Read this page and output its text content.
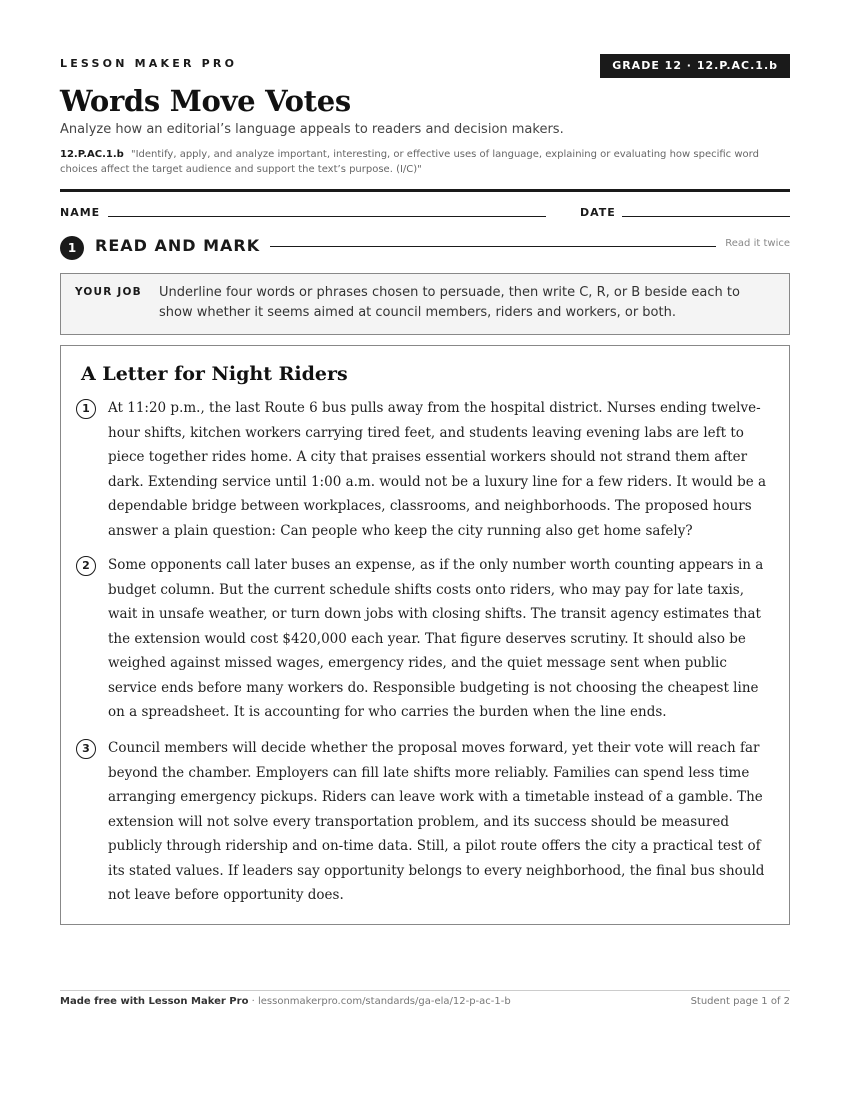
LESSON MAKER PRO	GRADE 12 · 12.P.AC.1.b
Words Move Votes
Analyze how an editorial’s language appeals to readers and decision makers.
12.P.AC.1.b "Identify, apply, and analyze important, interesting, or effective uses of language, explaining or evaluating how specific word choices affect the target audience and support the text’s purpose. (I/C)"
NAME	DATE
1	READ AND MARK	Read it twice
YOUR JOB Underline four words or phrases chosen to persuade, then write C, R, or B beside each to show whether it seems aimed at council members, riders and workers, or both.
A Letter for Night Riders
1	At 11:20 p.m., the last Route 6 bus pulls away from the hospital district. Nurses ending twelve-hour shifts, kitchen workers carrying tired feet, and students leaving evening labs are left to piece together rides home. A city that praises essential workers should not strand them after dark. Extending service until 1:00 a.m. would not be a luxury line for a few riders. It would be a dependable bridge between workplaces, classrooms, and neighborhoods. The proposed hours answer a plain question: Can people who keep the city running also get home safely?
2	Some opponents call later buses an expense, as if the only number worth counting appears in a budget column. But the current schedule shifts costs onto riders, who may pay for late taxis, wait in unsafe weather, or turn down jobs with closing shifts. The transit agency estimates that the extension would cost $420,000 each year. That figure deserves scrutiny. It should also be weighed against missed wages, emergency rides, and the quiet message sent when public service ends before many workers do. Responsible budgeting is not choosing the cheapest line on a spreadsheet. It is accounting for who carries the burden when the line ends.
3	Council members will decide whether the proposal moves forward, yet their vote will reach far beyond the chamber. Employers can fill late shifts more reliably. Families can spend less time arranging emergency pickups. Riders can leave work with a timetable instead of a gamble. The extension will not solve every transportation problem, and its success should be measured publicly through ridership and on-time data. Still, a pilot route offers the city a practical test of its stated values. If leaders say opportunity belongs to every neighborhood, the final bus should not leave before opportunity does.
Made free with Lesson Maker Pro · lessonmakerpro.com/standards/ga-ela/12-p-ac-1-b	Student page 1 of 2
